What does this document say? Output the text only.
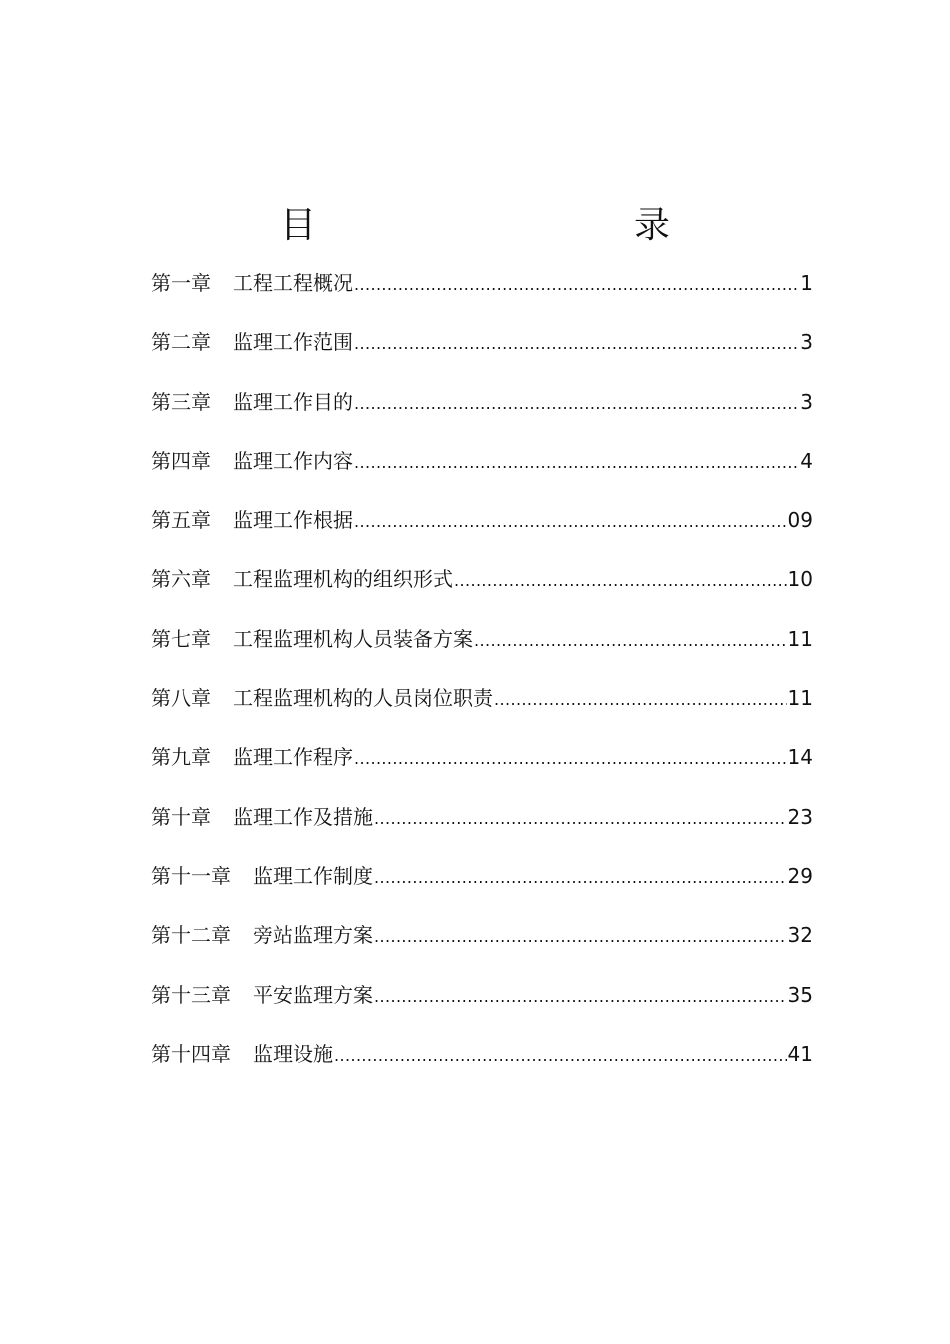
目　　录
第一章 工程工程概况 .....	1
第二章 监理工作范围 .....	3
第三章 监理工作目的 .....	3
第四章 监理工作内容 .....	4
第五章 监理工作根据 .....	09
第六章 工程监理机构的组织形式 .....	10
第七章 工程监理机构人员装备方案 .....	11
第八章 工程监理机构的人员岗位职责 .....	11
第九章 监理工作程序 .....	14
第十章 监理工作及措施 .....	23
第十一章 监理工作制度 .....	29
第十二章 旁站监理方案 .....	32
第十三章 平安监理方案 .....	35
第十四章 监理设施 .....	41
